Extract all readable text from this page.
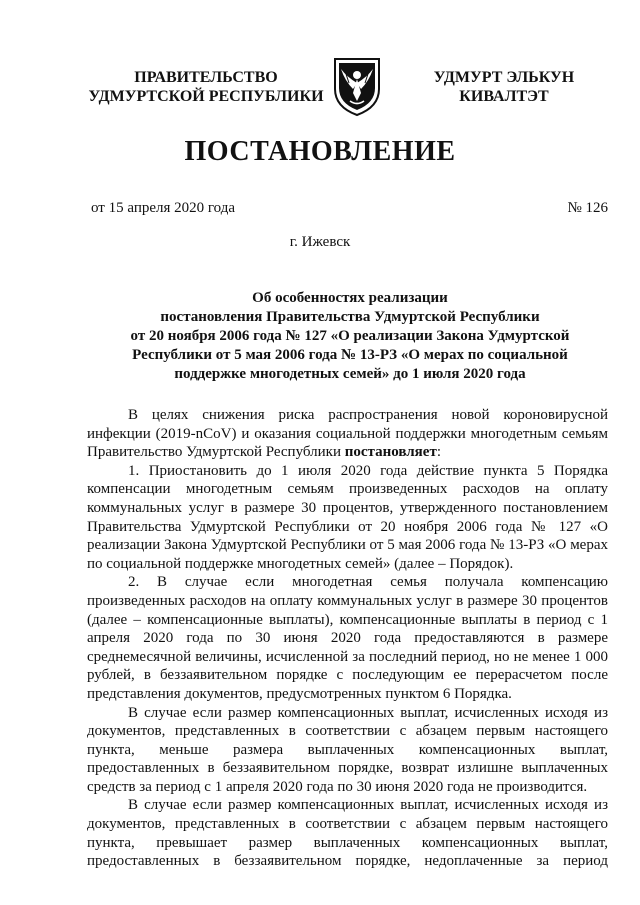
ПРАВИТЕЛЬСТВО
УДМУРТСКОЙ РЕСПУБЛИКИ
УДМУРТ ЭЛЬКУН
КИВАЛТЭТ
ПОСТАНОВЛЕНИЕ
от 15 апреля 2020 года	№ 126
г. Ижевск
Об особенностях реализации
постановления Правительства Удмуртской Республики
от 20 ноября 2006 года № 127 «О реализации Закона Удмуртской
Республики от 5 мая 2006 года № 13-РЗ «О мерах по социальной
поддержке многодетных семей» до 1 июля 2020 года

В целях снижения риска распространения новой короновирусной инфекции (2019-nCoV) и оказания социальной поддержки многодетным семьям Правительство Удмуртской Республики постановляет:

1. Приостановить до 1 июля 2020 года действие пункта 5 Порядка компенсации многодетным семьям произведенных расходов на оплату коммунальных услуг в размере 30 процентов, утвержденного постановлением Правительства Удмуртской Республики от 20 ноября 2006 года № 127 «О реализации Закона Удмуртской Республики от 5 мая 2006 года № 13-РЗ «О мерах по социальной поддержке многодетных семей» (далее – Порядок).

2. В случае если многодетная семья получала компенсацию произведенных расходов на оплату коммунальных услуг в размере 30 процентов (далее – компенсационные выплаты), компенсационные выплаты в период с 1 апреля 2020 года по 30 июня 2020 года предоставляются в размере среднемесячной величины, исчисленной за последний период, но не менее 1 000 рублей, в беззаявительном порядке с последующим ее перерасчетом после представления документов, предусмотренных пунктом 6 Порядка.

В случае если размер компенсационных выплат, исчисленных исходя из документов, представленных в соответствии с абзацем первым настоящего пункта, меньше размера выплаченных компенсационных выплат, предоставленных в беззаявительном порядке, возврат излишне выплаченных средств за период с 1 апреля 2020 года по 30 июня 2020 года не производится.

В случае если размер компенсационных выплат, исчисленных исходя из документов, представленных в соответствии с абзацем первым настоящего пункта, превышает размер выплаченных компенсационных выплат, предоставленных в беззаявительном порядке, недоплаченные за период
